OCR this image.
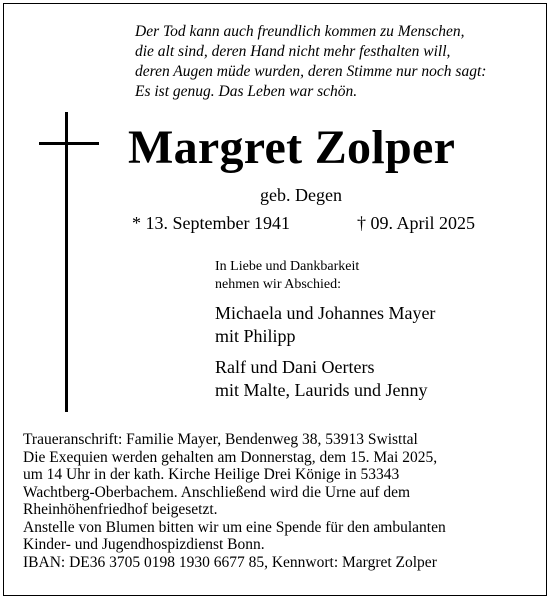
Der Tod kann auch freundlich kommen zu Menschen,
die alt sind, deren Hand nicht mehr festhalten will,
deren Augen müde wurden, deren Stimme nur noch sagt:
Es ist genug. Das Leben war schön.
Margret Zolper
geb. Degen
* 13. September 1941	† 09. April 2025
In Liebe und Dankbarkeit
nehmen wir Abschied:
Michaela und Johannes Mayer
mit Philipp
Ralf und Dani Oerters
mit Malte, Laurids und Jenny
Traueranschrift: Familie Mayer, Bendenweg 38, 53913 Swisttal
Die Exequien werden gehalten am Donnerstag, dem 15. Mai 2025,
um 14 Uhr in der kath. Kirche Heilige Drei Könige in 53343
Wachtberg-Oberbachem. Anschließend wird die Urne auf dem
Rheinhöhenfriedhof beigesetzt.
Anstelle von Blumen bitten wir um eine Spende für den ambulanten
Kinder- und Jugendhospizdienst Bonn.
IBAN: DE36 3705 0198 1930 6677 85, Kennwort: Margret Zolper
